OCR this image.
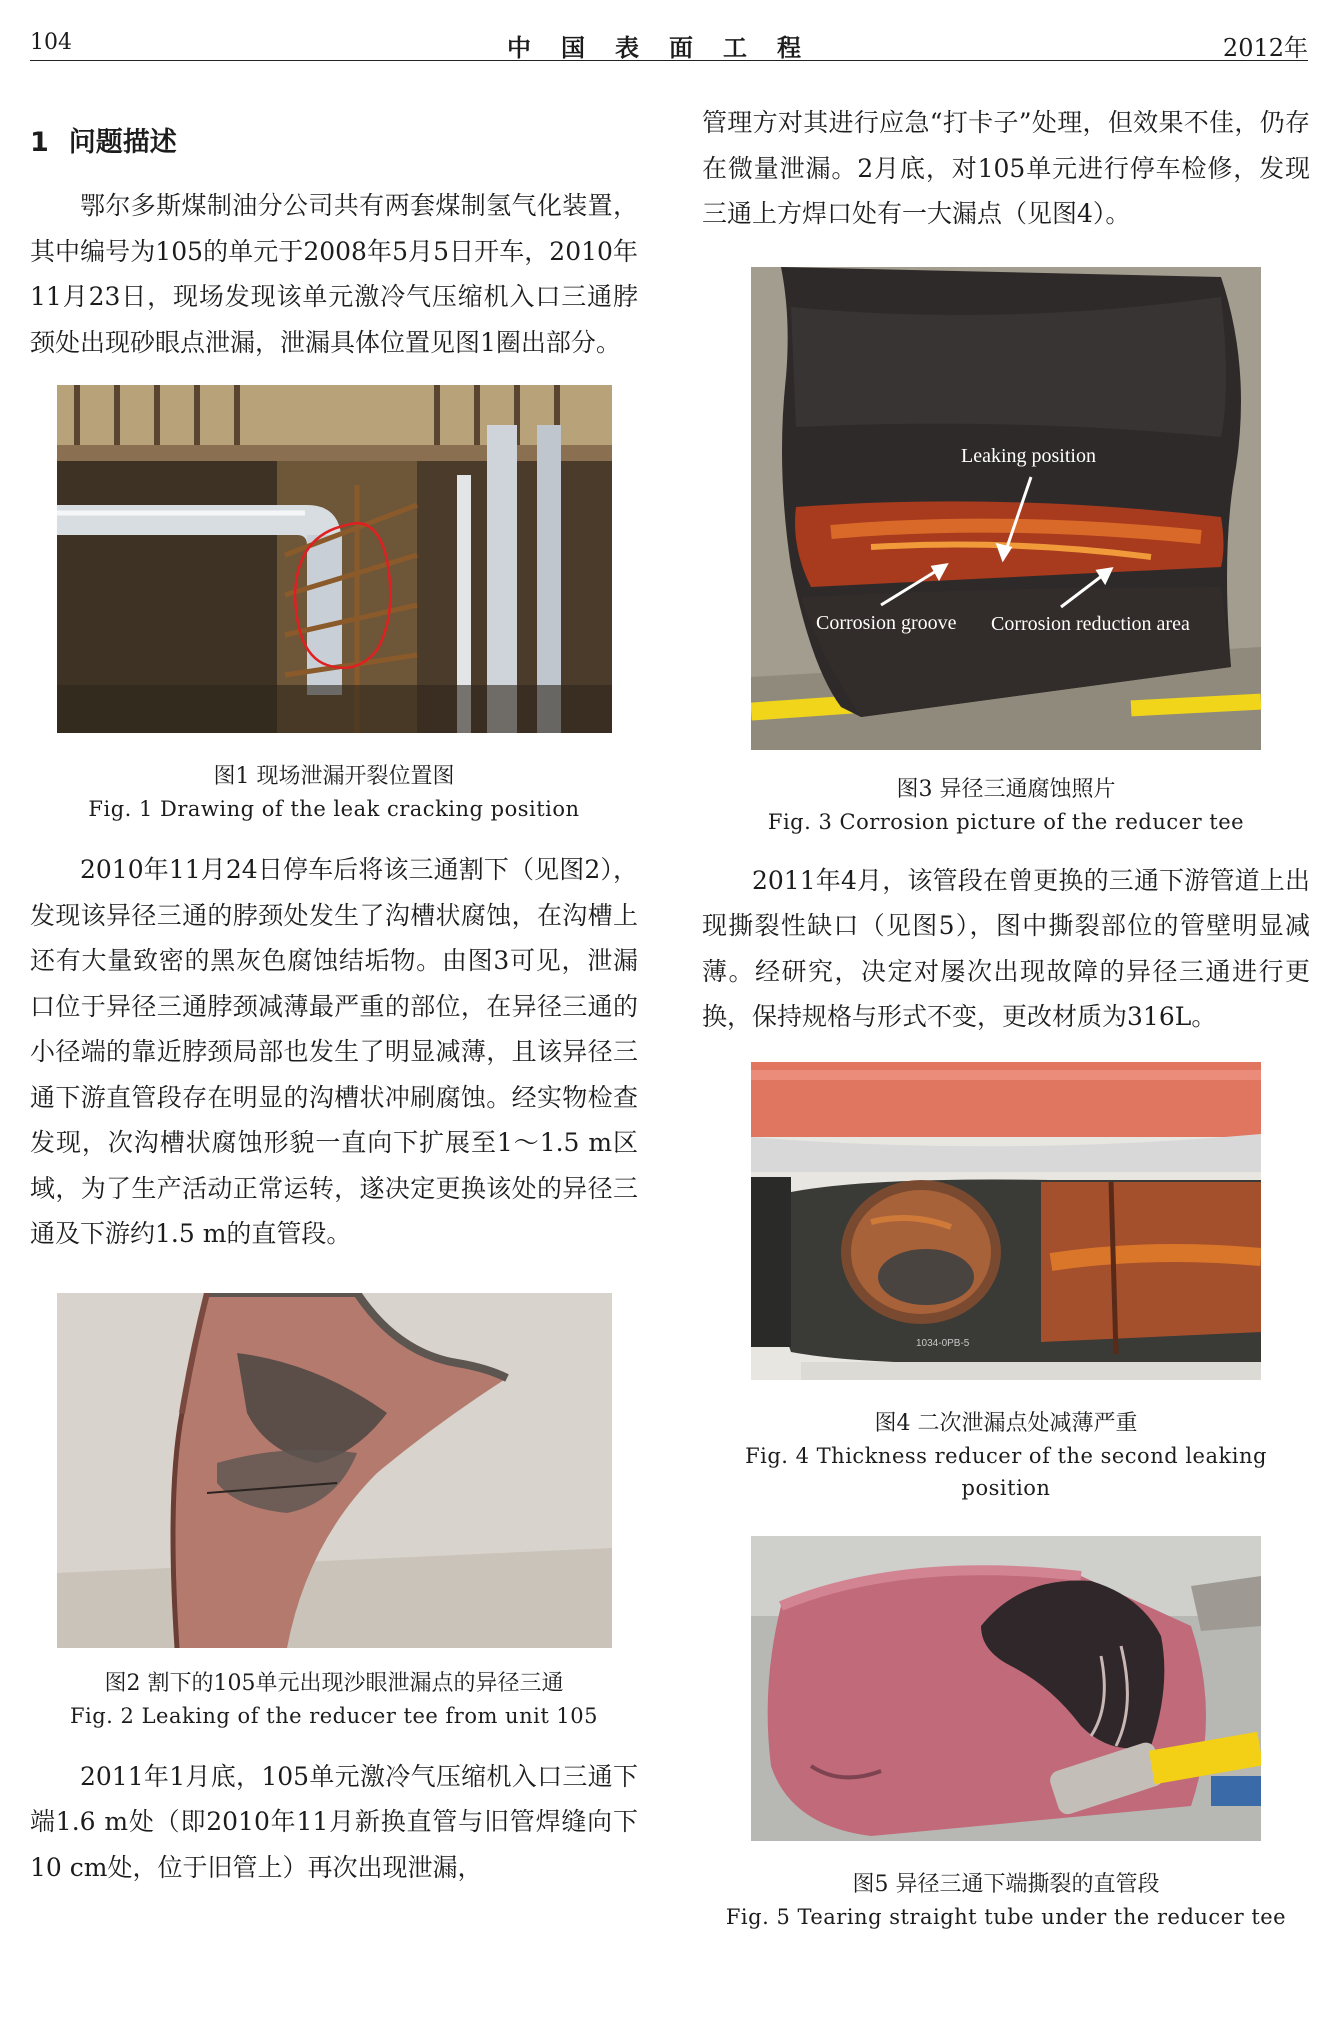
104	中国表面工程	2012年
1 问题描述

鄂尔多斯煤制油分公司共有两套煤制氢气化装置，其中编号为105的单元于2008年5月5日开车，2010年11月23日，现场发现该单元激冷气压缩机入口三通脖颈处出现砂眼点泄漏，泄漏具体位置见图1圈出部分。

图1 现场泄漏开裂位置图
Fig. 1 Drawing of the leak cracking position

2010年11月24日停车后将该三通割下（见图2），发现该异径三通的脖颈处发生了沟槽状腐蚀，在沟槽上还有大量致密的黑灰色腐蚀结垢物。由图3可见，泄漏口位于异径三通脖颈减薄最严重的部位，在异径三通的小径端的靠近脖颈局部也发生了明显减薄，且该异径三通下游直管段存在明显的沟槽状冲刷腐蚀。经实物检查发现，次沟槽状腐蚀形貌一直向下扩展至1～1.5 m区域，为了生产活动正常运转，遂决定更换该处的异径三通及下游约1.5 m的直管段。

图2 割下的105单元出现沙眼泄漏点的异径三通
Fig. 2 Leaking of the reducer tee from unit 105

2011年1月底，105单元激冷气压缩机入口三通下端1.6 m处（即2010年11月新换直管与旧管焊缝向下10 cm处，位于旧管上）再次出现泄漏，

管理方对其进行应急“打卡子”处理，但效果不佳，仍存在微量泄漏。2月底，对105单元进行停车检修，发现三通上方焊口处有一大漏点（见图4）。

Leaking position
Corrosion groove Corrosion reduction area
图3 异径三通腐蚀照片
Fig. 3 Corrosion picture of the reducer tee

2011年4月，该管段在曾更换的三通下游管道上出现撕裂性缺口（见图5），图中撕裂部位的管壁明显减薄。经研究，决定对屡次出现故障的异径三通进行更换，保持规格与形式不变，更改材质为316L。

1034-0PB-5
图4 二次泄漏点处减薄严重
Fig. 4 Thickness reducer of the second leaking position
图5 异径三通下端撕裂的直管段
Fig. 5 Tearing straight tube under the reducer tee
